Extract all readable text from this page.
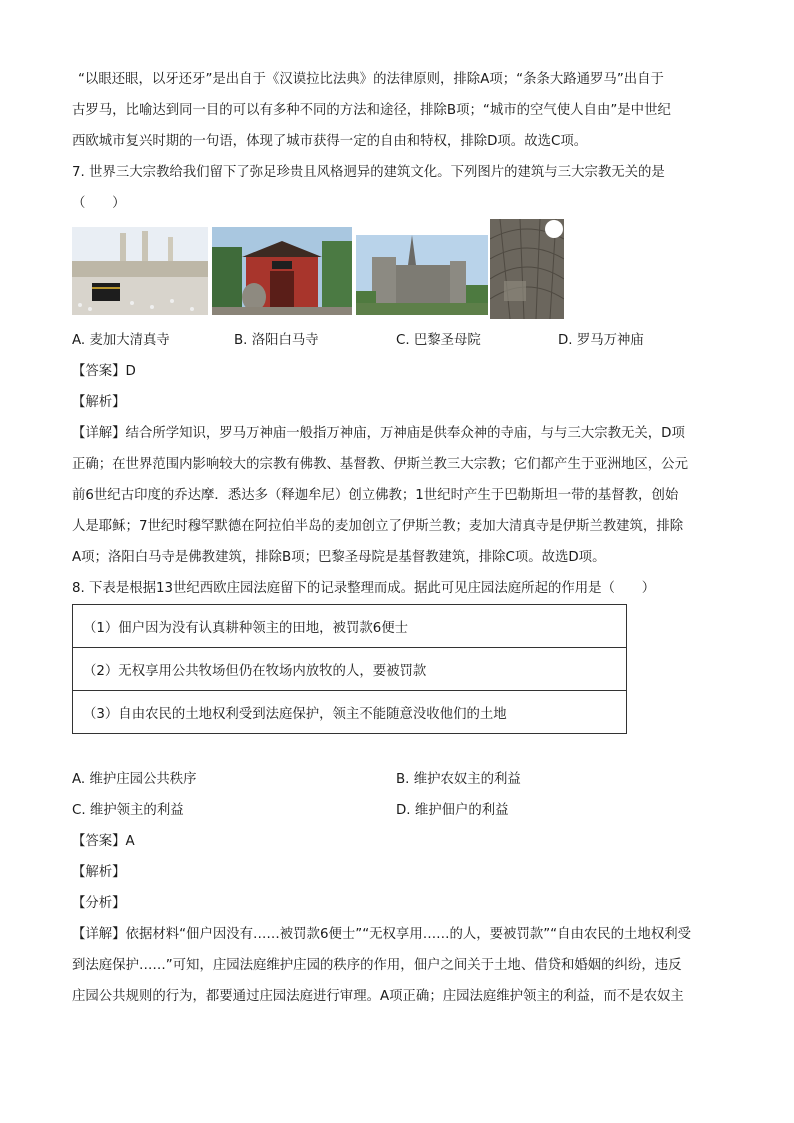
“以眼还眼，以牙还牙”是出自于《汉谟拉比法典》的法律原则，排除A项；“条条大路通罗马”出自于

古罗马，比喻达到同一目的可以有多种不同的方法和途径，排除B项；“城市的空气使人自由”是中世纪

西欧城市复兴时期的一句语，体现了城市获得一定的自由和特权，排除D项。故选C项。

7. 世界三大宗教给我们留下了弥足珍贵且风格迥异的建筑文化。下列图片的建筑与三大宗教无关的是

（　　）

A. 麦加大清真寺	B. 洛阳白马寺	C. 巴黎圣母院	D. 罗马万神庙

【答案】D

【解析】

【详解】结合所学知识，罗马万神庙一般指万神庙，万神庙是供奉众神的寺庙，与与三大宗教无关，D项

正确；在世界范围内影响较大的宗教有佛教、基督教、伊斯兰教三大宗教；它们都产生于亚洲地区，公元

前6世纪古印度的乔达摩．悉达多（释迦牟尼）创立佛教；1世纪时产生于巴勒斯坦一带的基督教，创始

人是耶稣；7世纪时穆罕默德在阿拉伯半岛的麦加创立了伊斯兰教；麦加大清真寺是伊斯兰教建筑，排除

A项；洛阳白马寺是佛教建筑，排除B项；巴黎圣母院是基督教建筑，排除C项。故选D项。

8. 下表是根据13世纪西欧庄园法庭留下的记录整理而成。据此可见庄园法庭所起的作用是（　　）

（1）佃户因为没有认真耕种领主的田地，被罚款6便士
（2）无权享用公共牧场但仍在牧场内放牧的人，要被罚款
（3）自由农民的土地权利受到法庭保护，领主不能随意没收他们的土地
A. 维护庄园公共秩序	B. 维护农奴主的利益
C. 维护领主的利益	D. 维护佃户的利益

【答案】A

【解析】

【分析】

【详解】依据材料“佃户因没有……被罚款6便士”“无权享用……的人，要被罚款”“自由农民的土地权利受

到法庭保护……”可知，庄园法庭维护庄园的秩序的作用，佃户之间关于土地、借贷和婚姻的纠纷，违反

庄园公共规则的行为，都要通过庄园法庭进行审理。A项正确；庄园法庭维护领主的利益，而不是农奴主
